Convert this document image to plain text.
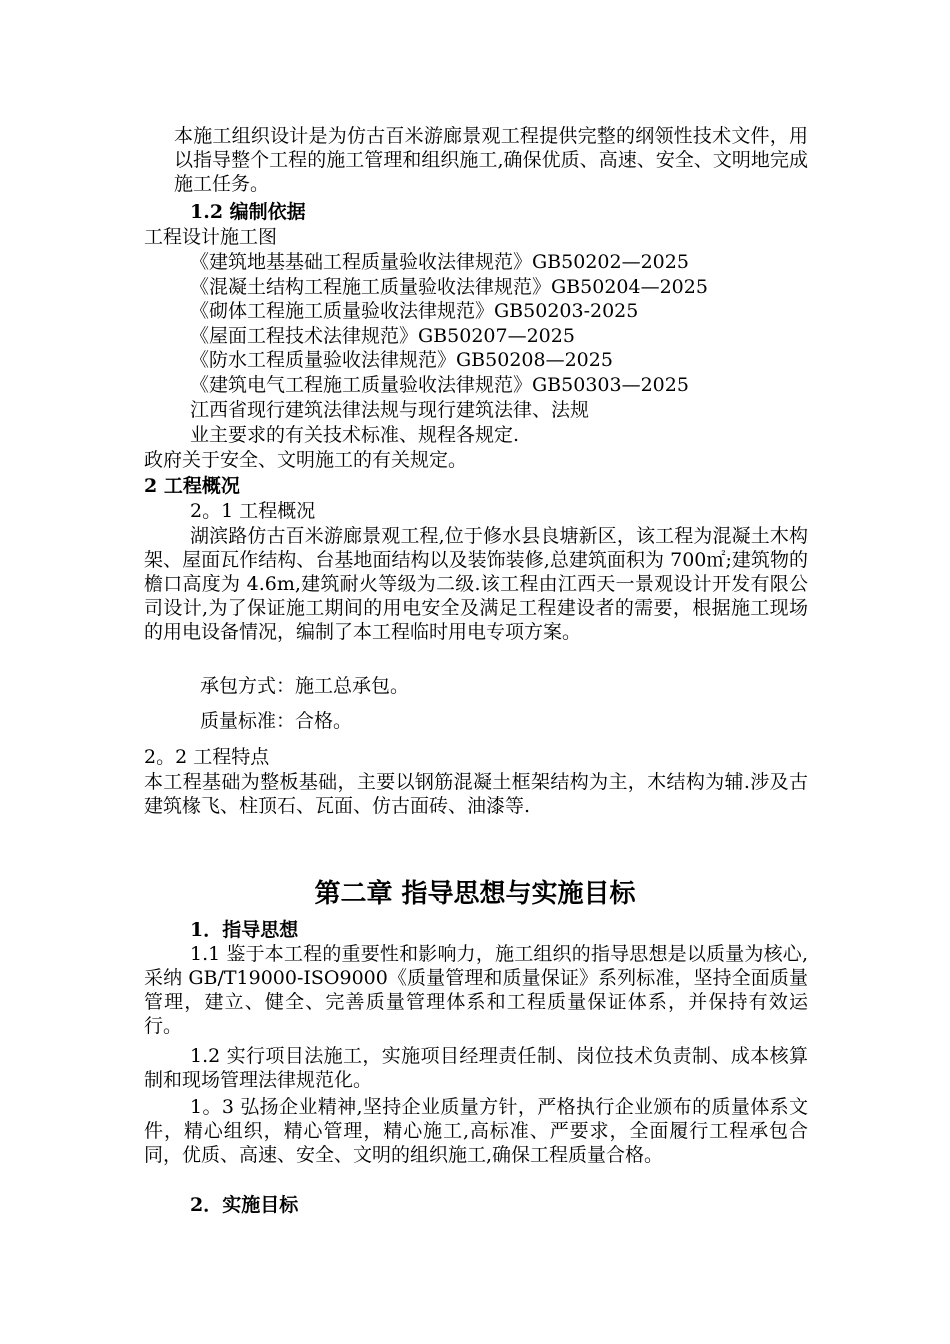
本施工组织设计是为仿古百米游廊景观工程提供完整的纲领性技术文件，用以指导整个工程的施工管理和组织施工,确保优质、高速、安全、文明地完成施工任务。
1.2 编制依据
工程设计施工图
《建筑地基基础工程质量验收法律规范》GB50202—2025
《混凝土结构工程施工质量验收法律规范》GB50204—2025
《砌体工程施工质量验收法律规范》GB50203-2025
《屋面工程技术法律规范》GB50207—2025
《防水工程质量验收法律规范》GB50208—2025
《建筑电气工程施工质量验收法律规范》GB50303—2025
江西省现行建筑法律法规与现行建筑法律、法规
业主要求的有关技术标准、规程各规定.
政府关于安全、文明施工的有关规定。
2 工程概况
2。1 工程概况
湖滨路仿古百米游廊景观工程,位于修水县良塘新区，该工程为混凝土木构架、屋面瓦作结构、台基地面结构以及装饰装修,总建筑面积为 700㎡;建筑物的檐口高度为 4.6m,建筑耐火等级为二级.该工程由江西天一景观设计开发有限公司设计,为了保证施工期间的用电安全及满足工程建设者的需要，根据施工现场的用电设备情况，编制了本工程临时用电专项方案。
承包方式：施工总承包。
质量标准：合格。
2。2 工程特点
本工程基础为整板基础，主要以钢筋混凝土框架结构为主，木结构为辅.涉及古建筑椽飞、柱顶石、瓦面、仿古面砖、油漆等.
第二章 指导思想与实施目标
1．指导思想
1.1 鉴于本工程的重要性和影响力，施工组织的指导思想是以质量为核心,采纳 GB/T19000-ISO9000《质量管理和质量保证》系列标准，坚持全面质量管理，建立、健全、完善质量管理体系和工程质量保证体系，并保持有效运行。
1.2 实行项目法施工，实施项目经理责任制、岗位技术负责制、成本核算制和现场管理法律规范化。
1。3 弘扬企业精神,坚持企业质量方针，严格执行企业颁布的质量体系文件，精心组织，精心管理，精心施工,高标准、严要求，全面履行工程承包合同，优质、高速、安全、文明的组织施工,确保工程质量合格。
2．实施目标
